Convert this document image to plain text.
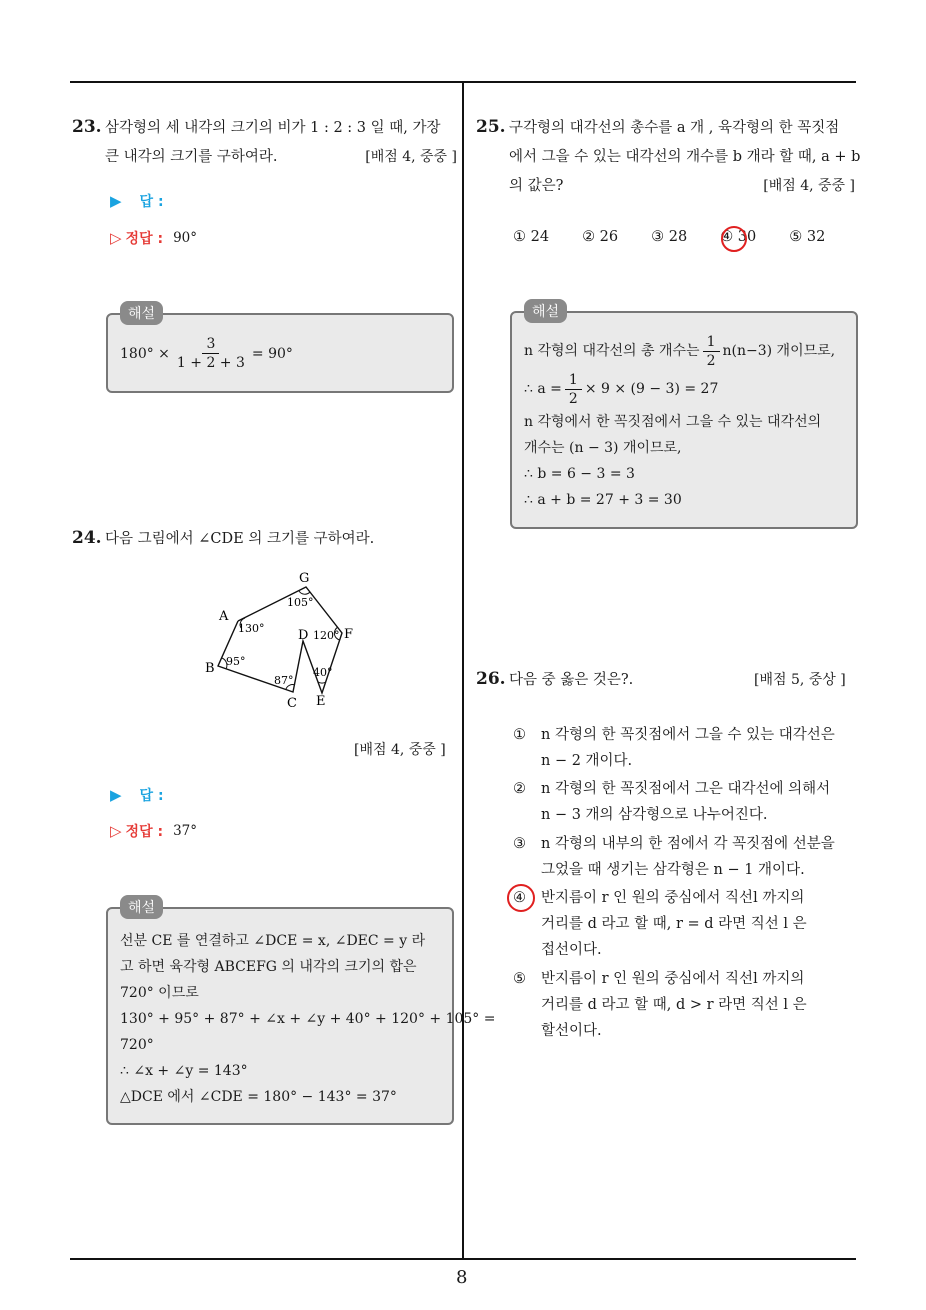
8
23. 삼각형의 세 내각의 크기의 비가 1 : 2 : 3 일 때, 가장
큰 내각의 크기를 구하여라.	[배점 4, 중중 ]
▶ 답 :
▷ 정답 : 90°
해설
$180^\circ \times \frac{3}{1 + 2 + 3} = 90^\circ$
24. 다음 그림에서 ∠CDE 의 크기를 구하여라.
G
A
D	F
B
C E
105°
130°
120°
95°
40°
87°
[배점 4, 중중 ]
▶ 답 :
▷ 정답 : 37°
해설
선분 CE 를 연결하고 ∠DCE = x, ∠DEC = y 라
고 하면 육각형 ABCEFG 의 내각의 크기의 합은
720° 이므로
130° + 95° + 87° + ∠x + ∠y + 40° + 120° + 105° =
720°
∴ ∠x + ∠y = 143°
△DCE 에서 ∠CDE = 180° − 143° = 37°
25. 구각형의 대각선의 총수를 a 개 , 육각형의 한 꼭짓점
에서 그을 수 있는 대각선의 개수를 b 개라 할 때, a + b
의 값은?	[배점 4, 중중 ]
① 24 ② 26 ③ 28 ④ 30 ⑤ 32
해설
n 각형의 대각선의 총 개수는 $\frac{1}{2} n(n-3)$ 개이므로,
∴ $a = \frac{1}{2} \times 9 \times (9 - 3) = 27$
n 각형에서 한 꼭짓점에서 그을 수 있는 대각선의
개수는 (n − 3) 개이므로,
∴ b = 6 − 3 = 3
∴ a + b = 27 + 3 = 30
26. 다음 중 옳은 것은?.	[배점 5, 중상 ]
① n 각형의 한 꼭짓점에서 그을 수 있는 대각선은
n − 2 개이다.
② n 각형의 한 꼭짓점에서 그은 대각선에 의해서
n − 3 개의 삼각형으로 나누어진다.
③ n 각형의 내부의 한 점에서 각 꼭짓점에 선분을
그었을 때 생기는 삼각형은 n − 1 개이다.
④ 반지름이 r 인 원의 중심에서 직선l 까지의
거리를 d 라고 할 때, r = d 라면 직선 l 은
접선이다.
⑤ 반지름이 r 인 원의 중심에서 직선l 까지의
거리를 d 라고 할 때, d > r 라면 직선 l 은
할선이다.
